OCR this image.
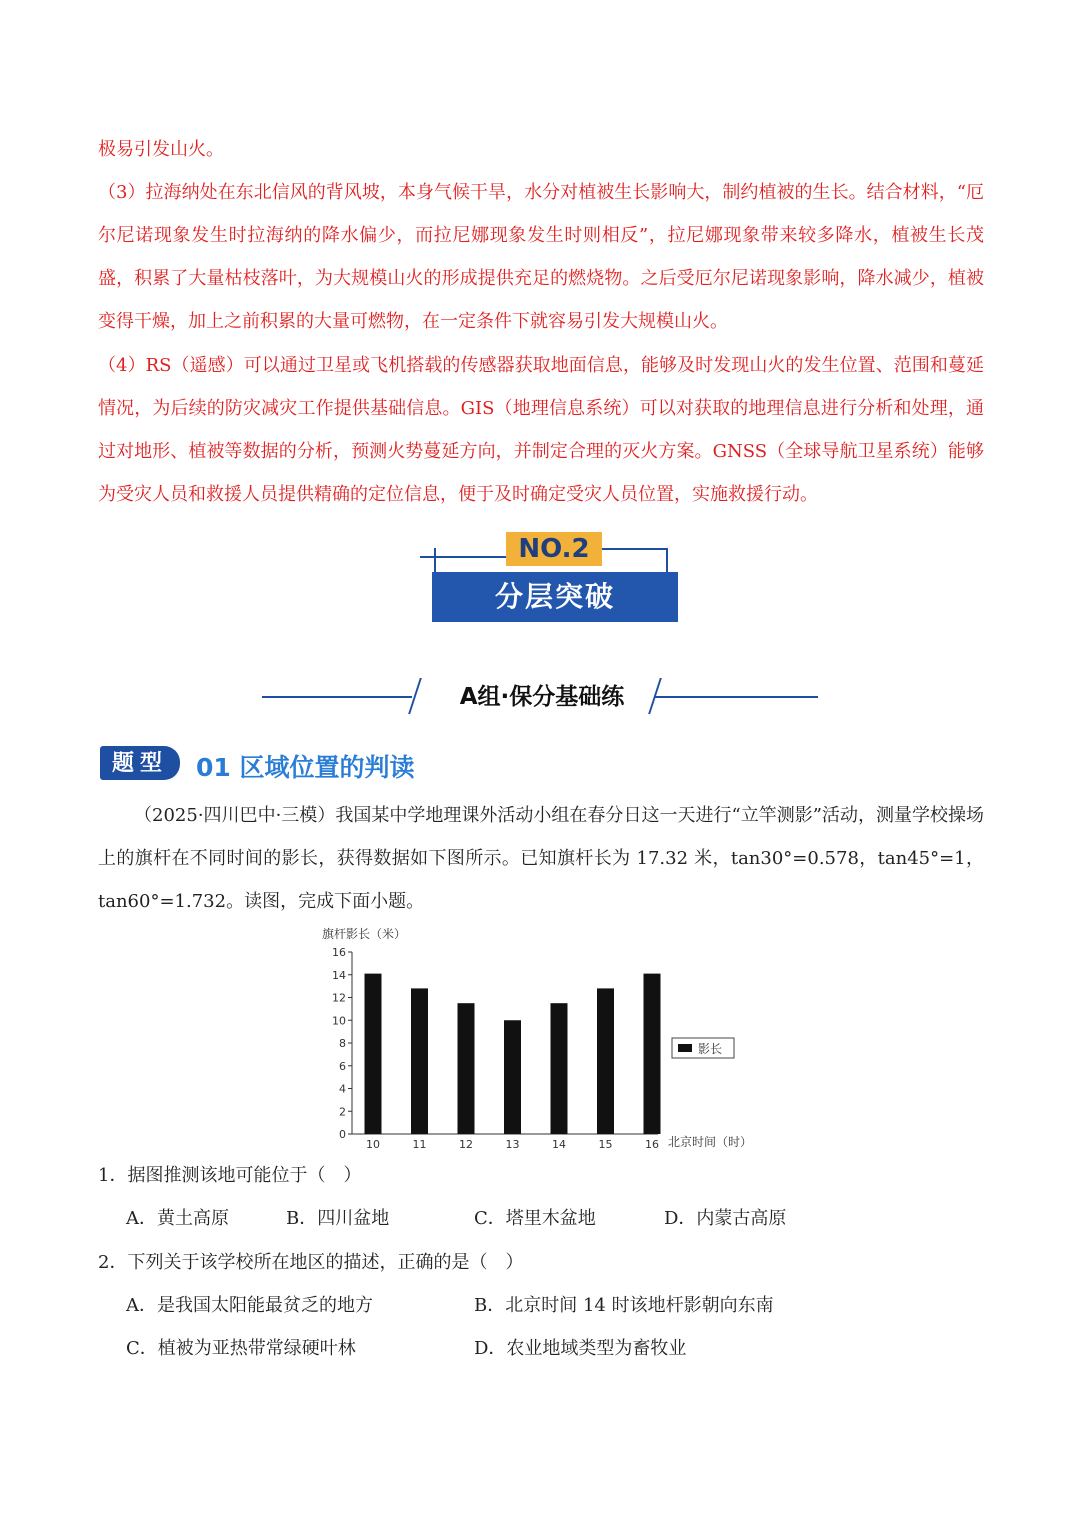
极易引发山火。
（3）拉海纳处在东北信风的背风坡，本身气候干旱，水分对植被生长影响大，制约植被的生长。结合材料，“厄尔尼诺现象发生时拉海纳的降水偏少，而拉尼娜现象发生时则相反”，拉尼娜现象带来较多降水，植被生长茂盛，积累了大量枯枝落叶，为大规模山火的形成提供充足的燃烧物。之后受厄尔尼诺现象影响，降水减少，植被变得干燥，加上之前积累的大量可燃物，在一定条件下就容易引发大规模山火。
（4）RS（遥感）可以通过卫星或飞机搭载的传感器获取地面信息，能够及时发现山火的发生位置、范围和蔓延情况，为后续的防灾减灾工作提供基础信息。GIS（地理信息系统）可以对获取的地理信息进行分析和处理，通过对地形、植被等数据的分析，预测火势蔓延方向，并制定合理的灭火方案。GNSS（全球导航卫星系统）能够为受灾人员和救援人员提供精确的定位信息，便于及时确定受灾人员位置，实施救援行动。
NO.2
分层突破
A组·保分基础练
题型	01 区域位置的判读
（2025·四川巴中·三模）我国某中学地理课外活动小组在春分日这一天进行“立竿测影”活动，测量学校操场上的旗杆在不同时间的影长，获得数据如下图所示。已知旗杆长为 17.32 米，tan30°=0.578，tan45°=1，tan60°=1.732。读图，完成下面小题。
旗杆影长（米）
0
2
4
6
8
10
12
14
16
10	11	12	13	14	15	16 北京时间（时）
影长
1．据图推测该地可能位于（　）
A．黄土高原	B．四川盆地	C．塔里木盆地	D．内蒙古高原
2．下列关于该学校所在地区的描述，正确的是（　）
A．是我国太阳能最贫乏的地方	B．北京时间 14 时该地杆影朝向东南
C．植被为亚热带常绿硬叶林	D．农业地域类型为畜牧业
